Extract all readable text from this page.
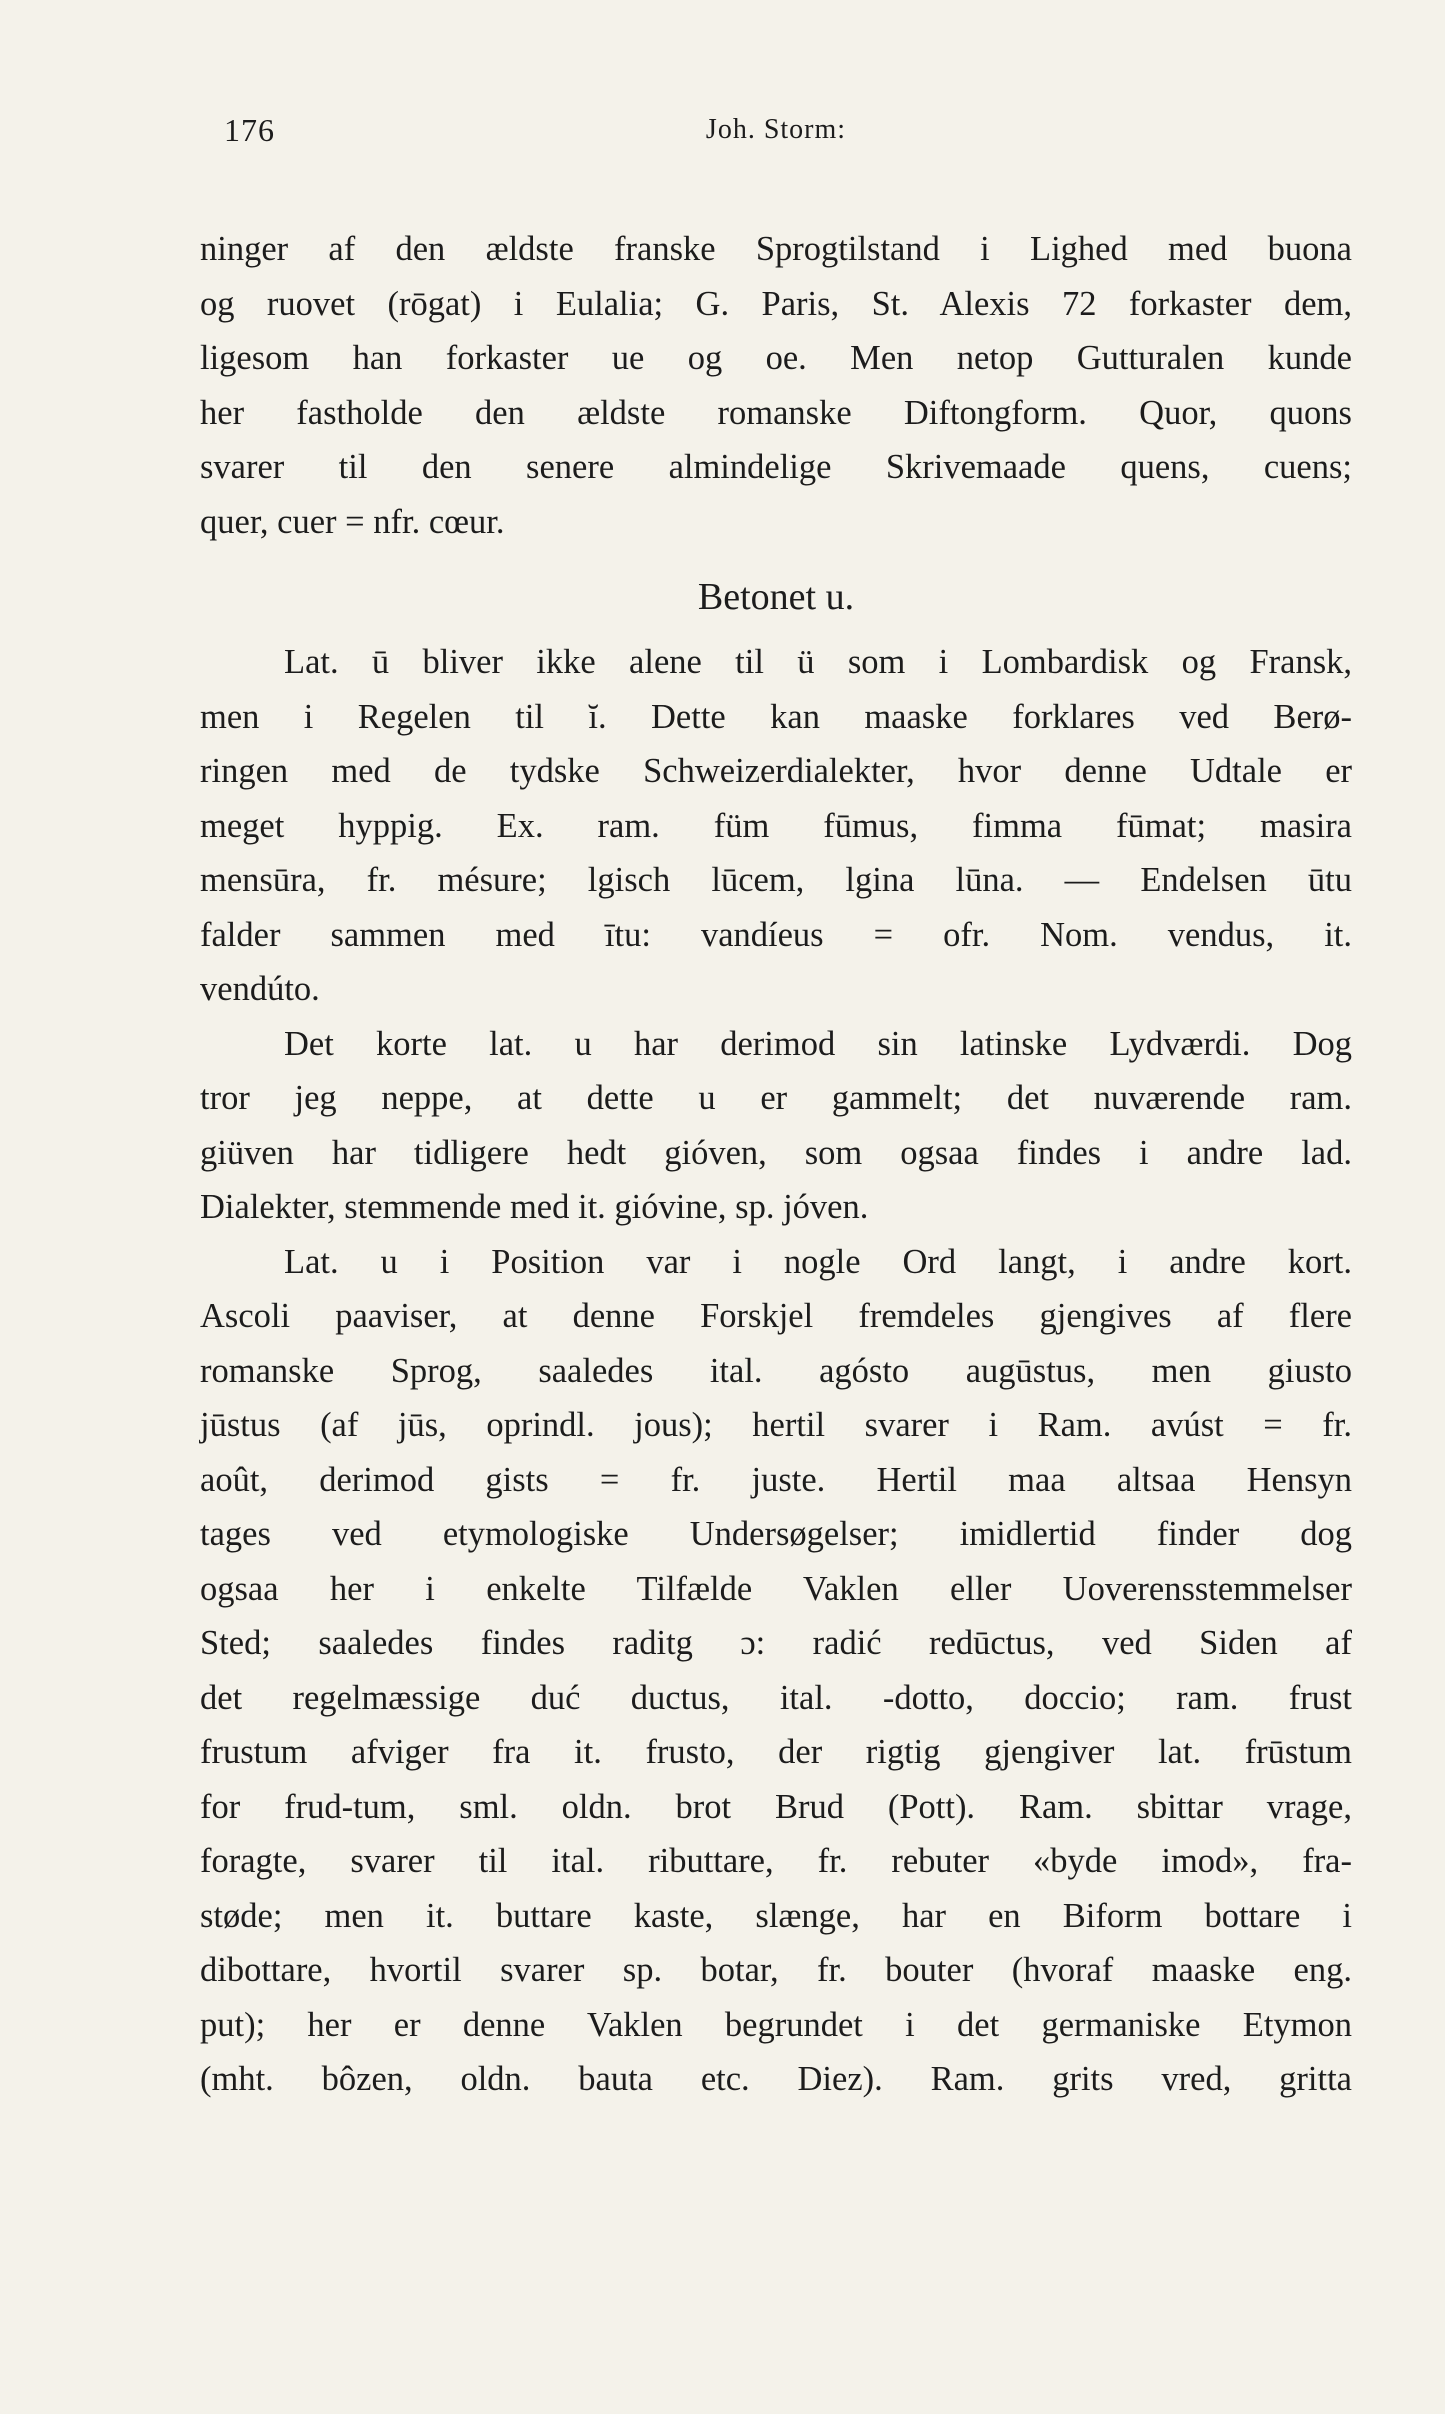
176	Joh. Storm:
ninger af den ældste franske Sprogtilstand i Lighed med buona
og ruovet (rōgat) i Eulalia; G. Paris, St. Alexis 72 forkaster dem,
ligesom han forkaster ue og oe. Men netop Gutturalen kunde
her fastholde den ældste romanske Diftongform. Quor, quons
svarer til den senere almindelige Skrivemaade quens, cuens;
quer, cuer = nfr. cœur.
Betonet u.
Lat. ū bliver ikke alene til ü som i Lombardisk og Fransk,
men i Regelen til ĭ. Dette kan maaske forklares ved Berø-
ringen med de tydske Schweizerdialekter, hvor denne Udtale er
meget hyppig. Ex. ram. füm fūmus, fimma fūmat; masira
mensūra, fr. mésure; lgisch lūcem, lgina lūna. — Endelsen ūtu
falder sammen med ītu: vandíeus = ofr. Nom. vendus, it.
vendúto.
Det korte lat. u har derimod sin latinske Lydværdi. Dog
tror jeg neppe, at dette u er gammelt; det nuværende ram.
giüven har tidligere hedt gióven, som ogsaa findes i andre lad.
Dialekter, stemmende med it. gióvine, sp. jóven.
Lat. u i Position var i nogle Ord langt, i andre kort.
Ascoli paaviser, at denne Forskjel fremdeles gjengives af flere
romanske Sprog, saaledes ital. agósto augūstus, men giusto
jūstus (af jūs, oprindl. jous); hertil svarer i Ram. avúst = fr.
août, derimod gists = fr. juste. Hertil maa altsaa Hensyn
tages ved etymologiske Undersøgelser; imidlertid finder dog
ogsaa her i enkelte Tilfælde Vaklen eller Uoverensstemmelser
Sted; saaledes findes raditg ɔ: radić redūctus, ved Siden af
det regelmæssige duć ductus, ital. -dotto, doccio; ram. frust
frustum afviger fra it. frusto, der rigtig gjengiver lat. frūstum
for frud-tum, sml. oldn. brot Brud (Pott). Ram. sbittar vrage,
foragte, svarer til ital. ributtare, fr. rebuter «byde imod», fra-
støde; men it. buttare kaste, slænge, har en Biform bottare i
dibottare, hvortil svarer sp. botar, fr. bouter (hvoraf maaske eng.
put); her er denne Vaklen begrundet i det germaniske Etymon
(mht. bôzen, oldn. bauta etc. Diez). Ram. grits vred, gritta
